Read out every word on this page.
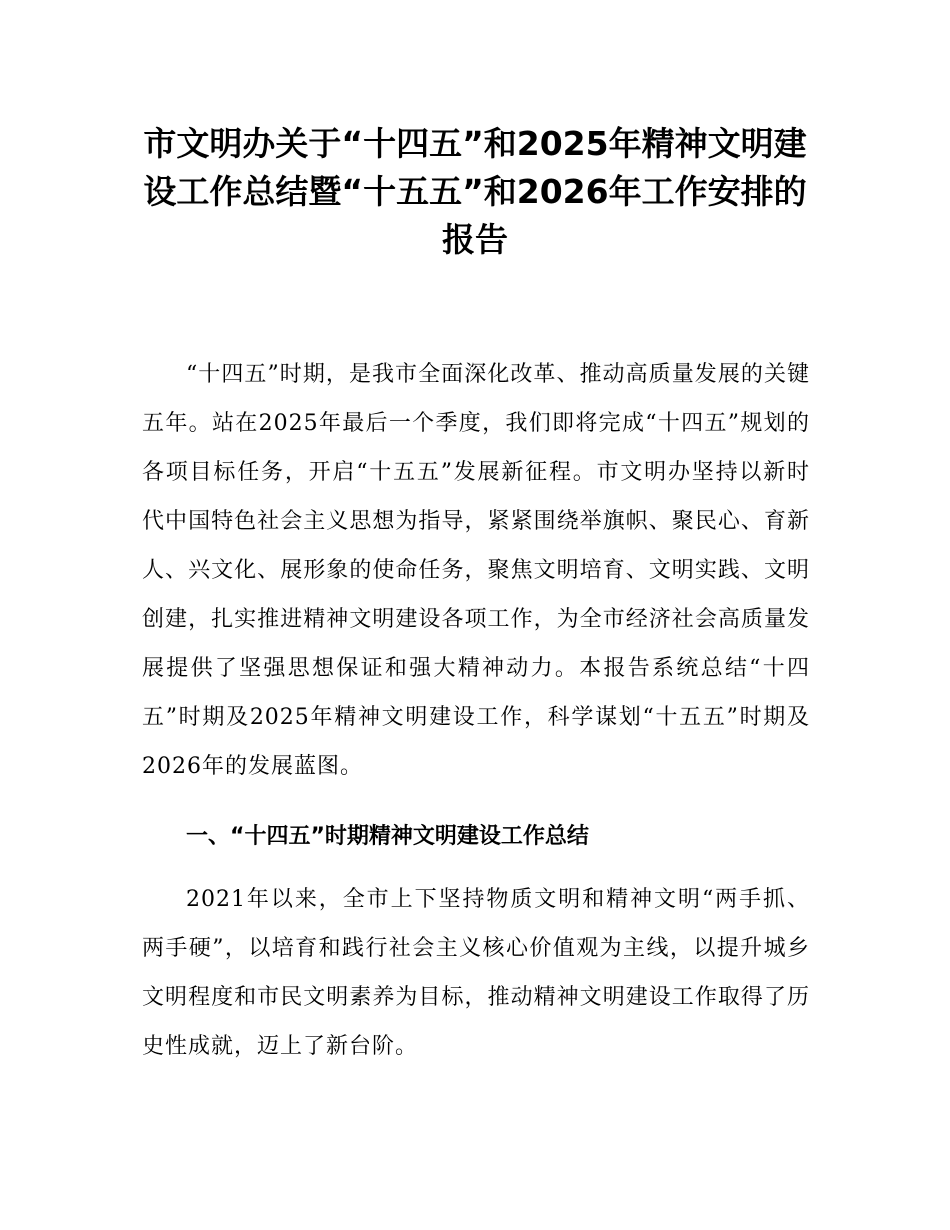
市文明办关于“十四五”和2025年精神文明建设工作总结暨“十五五”和2026年工作安排的报告

“十四五”时期，是我市全面深化改革、推动高质量发展的关键五年。站在2025年最后一个季度，我们即将完成“十四五”规划的各项目标任务，开启“十五五”发展新征程。市文明办坚持以新时代中国特色社会主义思想为指导，紧紧围绕举旗帜、聚民心、育新人、兴文化、展形象的使命任务，聚焦文明培育、文明实践、文明创建，扎实推进精神文明建设各项工作，为全市经济社会高质量发展提供了坚强思想保证和强大精神动力。本报告系统总结“十四五”时期及2025年精神文明建设工作，科学谋划“十五五”时期及2026年的发展蓝图。

一、“十四五”时期精神文明建设工作总结

2021年以来，全市上下坚持物质文明和精神文明“两手抓、两手硬”，以培育和践行社会主义核心价值观为主线，以提升城乡文明程度和市民文明素养为目标，推动精神文明建设工作取得了历史性成就，迈上了新台阶。
